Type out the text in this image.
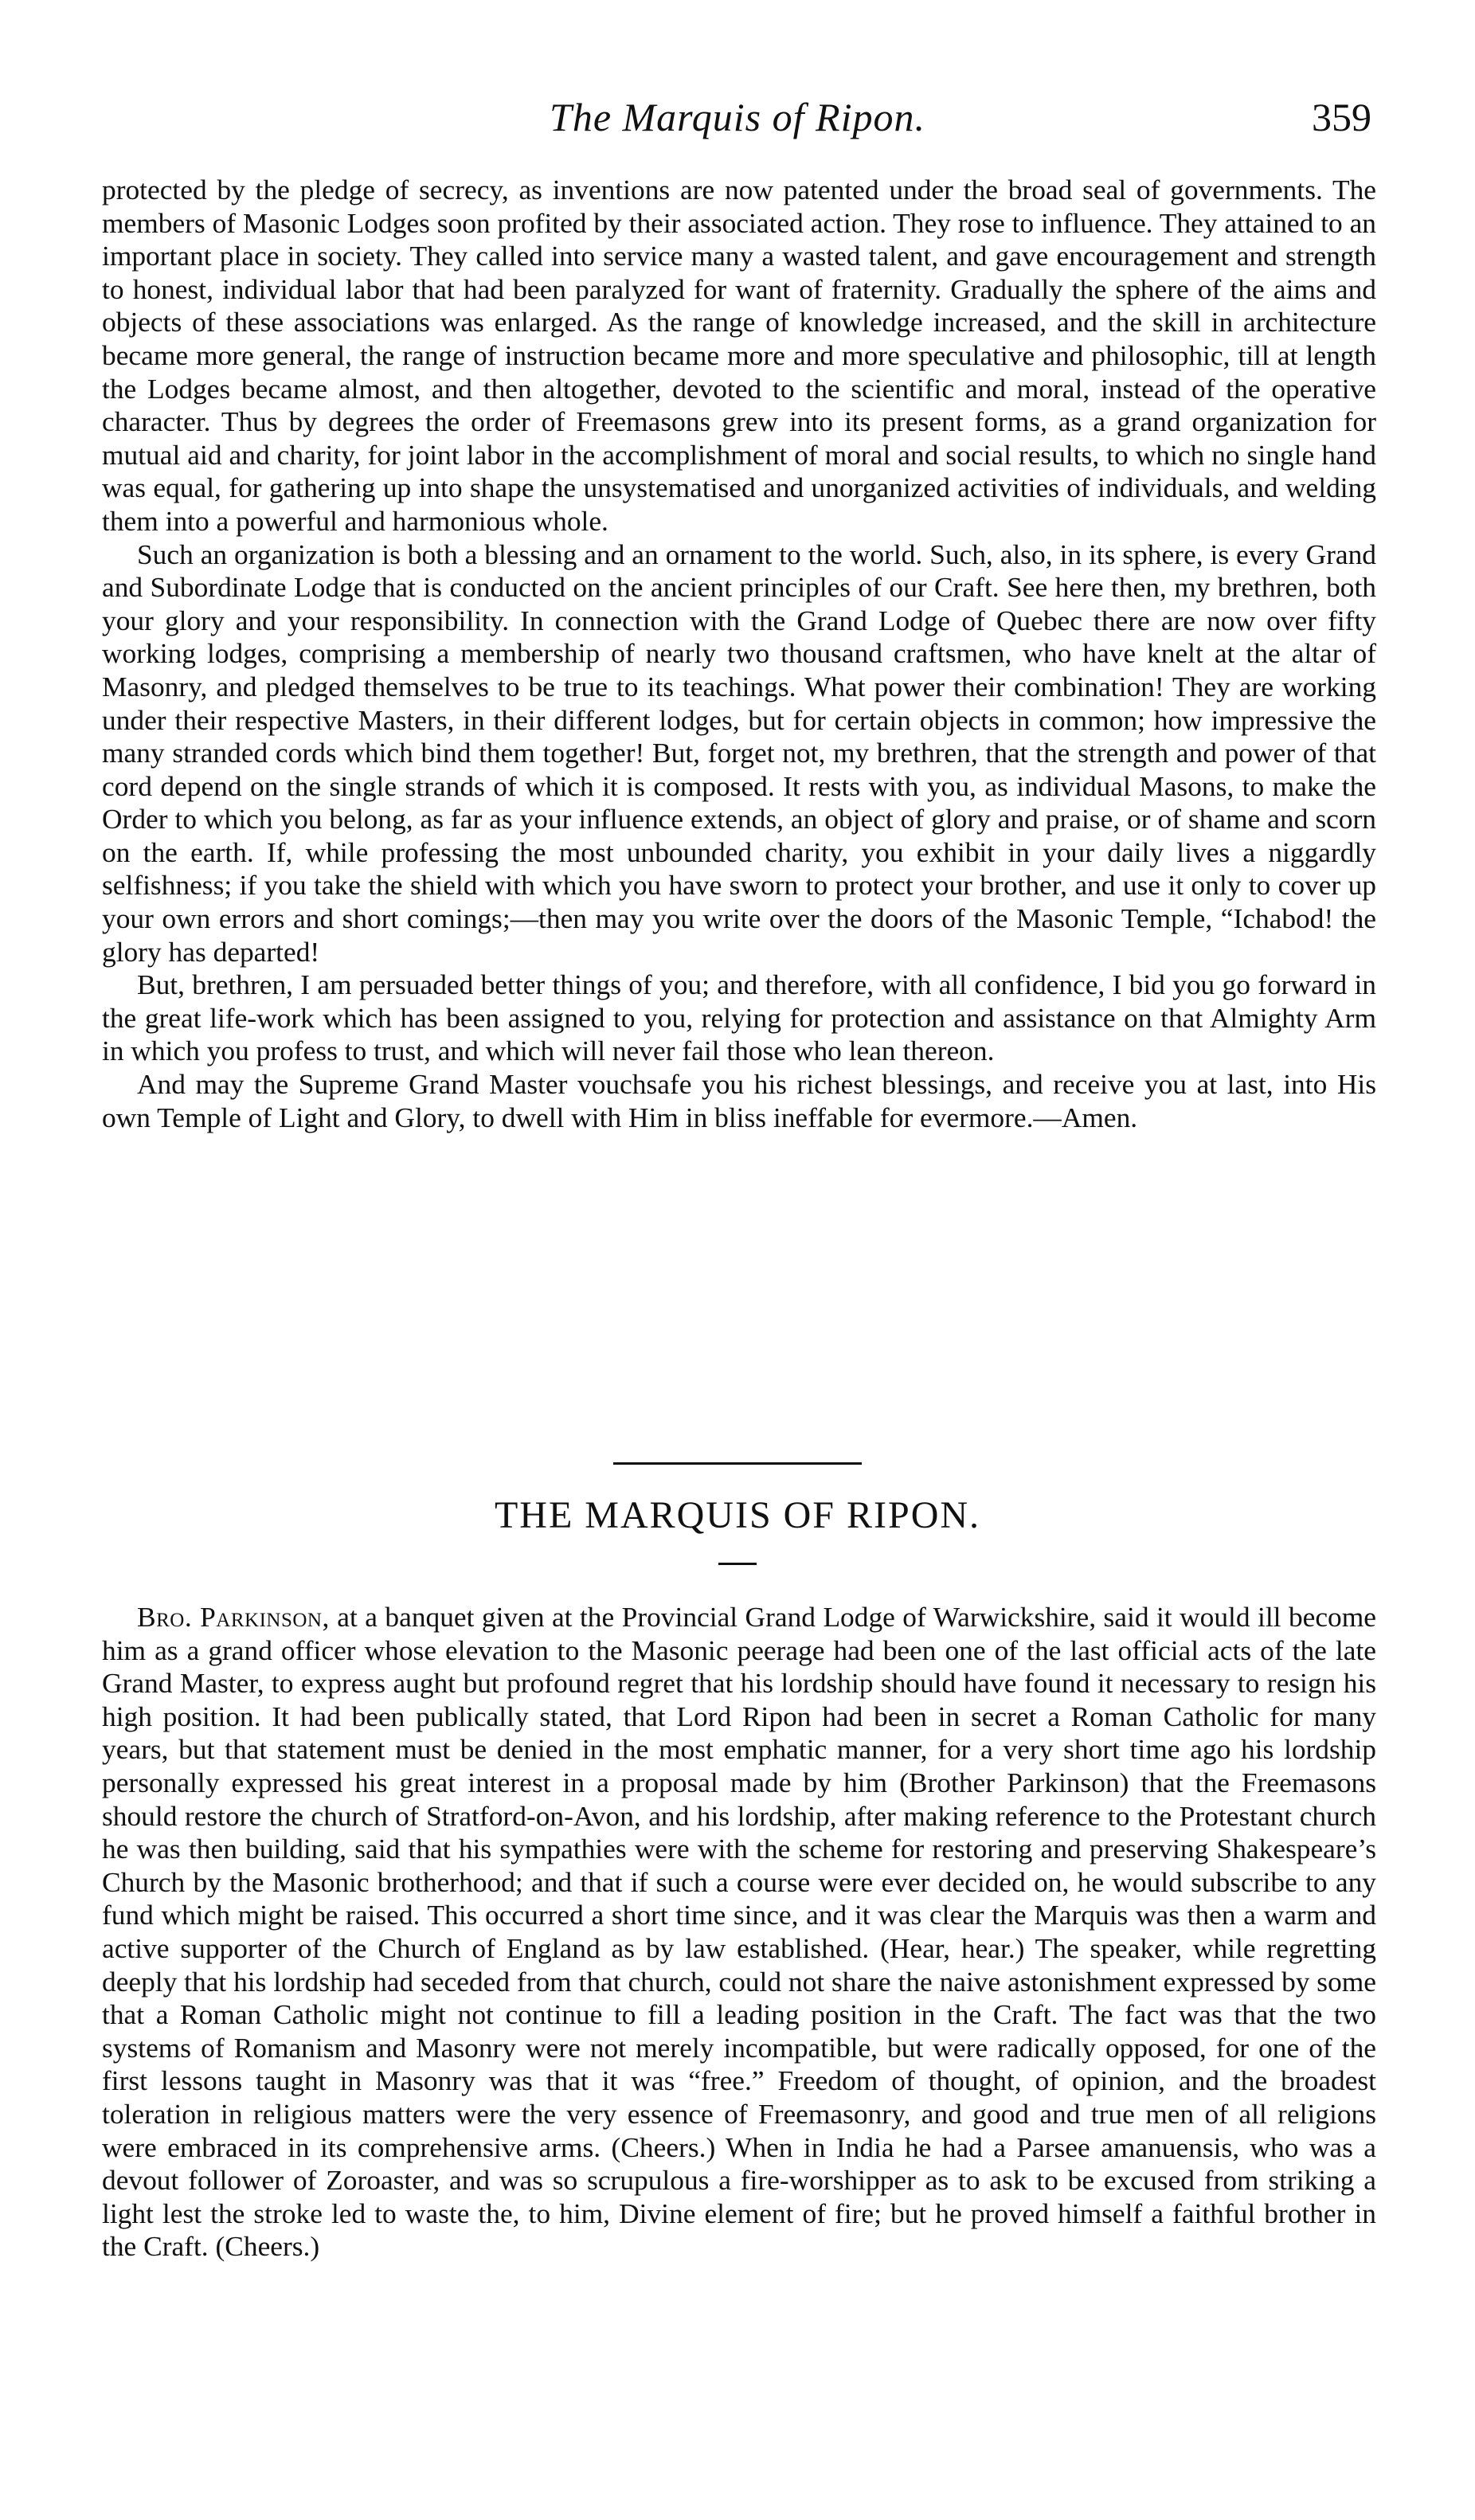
The Marquis of Ripon.	359

protected by the pledge of secrecy, as inventions are now patented under the broad seal of governments. The members of Masonic Lodges soon profited by their associated action. They rose to influence. They attained to an important place in society. They called into service many a wasted talent, and gave encouragement and strength to honest, individual labor that had been paralyzed for want of fraternity. Gradually the sphere of the aims and objects of these associations was enlarged. As the range of knowledge increased, and the skill in architecture became more general, the range of instruction became more and more speculative and philosophic, till at length the Lodges became almost, and then altogether, devoted to the scientific and moral, instead of the operative character. Thus by degrees the order of Freemasons grew into its present forms, as a grand organization for mutual aid and charity, for joint labor in the accomplishment of moral and social results, to which no single hand was equal, for gathering up into shape the unsystematised and unorganized activities of individuals, and welding them into a powerful and harmonious whole.

Such an organization is both a blessing and an ornament to the world. Such, also, in its sphere, is every Grand and Subordinate Lodge that is conducted on the ancient principles of our Craft. See here then, my brethren, both your glory and your responsibility. In connection with the Grand Lodge of Quebec there are now over fifty working lodges, comprising a membership of nearly two thousand craftsmen, who have knelt at the altar of Masonry, and pledged themselves to be true to its teachings. What power their combination! They are working under their respective Masters, in their different lodges, but for certain objects in common; how impressive the many stranded cords which bind them together! But, forget not, my brethren, that the strength and power of that cord depend on the single strands of which it is composed. It rests with you, as individual Masons, to make the Order to which you belong, as far as your influence extends, an object of glory and praise, or of shame and scorn on the earth. If, while professing the most unbounded charity, you exhibit in your daily lives a niggardly selfishness; if you take the shield with which you have sworn to protect your brother, and use it only to cover up your own errors and short comings;—then may you write over the doors of the Masonic Temple, “Ichabod! the glory has departed!

But, brethren, I am persuaded better things of you; and therefore, with all confidence, I bid you go forward in the great life-work which has been assigned to you, relying for protection and assistance on that Almighty Arm in which you profess to trust, and which will never fail those who lean thereon.

And may the Supreme Grand Master vouchsafe you his richest blessings, and receive you at last, into His own Temple of Light and Glory, to dwell with Him in bliss ineffable for evermore.—Amen.

THE MARQUIS OF RIPON.

Bro. Parkinson, at a banquet given at the Provincial Grand Lodge of Warwickshire, said it would ill become him as a grand officer whose elevation to the Masonic peerage had been one of the last official acts of the late Grand Master, to express aught but profound regret that his lordship should have found it necessary to resign his high position. It had been publically stated, that Lord Ripon had been in secret a Roman Catholic for many years, but that statement must be denied in the most emphatic manner, for a very short time ago his lordship personally expressed his great interest in a proposal made by him (Brother Parkinson) that the Freemasons should restore the church of Stratford-on-Avon, and his lordship, after making reference to the Protestant church he was then building, said that his sympathies were with the scheme for restoring and preserving Shakespeare’s Church by the Masonic brotherhood; and that if such a course were ever decided on, he would subscribe to any fund which might be raised. This occurred a short time since, and it was clear the Marquis was then a warm and active supporter of the Church of England as by law established. (Hear, hear.) The speaker, while regretting deeply that his lordship had seceded from that church, could not share the naive astonishment expressed by some that a Roman Catholic might not continue to fill a leading position in the Craft. The fact was that the two systems of Romanism and Masonry were not merely incompatible, but were radically opposed, for one of the first lessons taught in Masonry was that it was “free.” Freedom of thought, of opinion, and the broadest toleration in religious matters were the very essence of Freemasonry, and good and true men of all religions were embraced in its comprehensive arms. (Cheers.) When in India he had a Parsee amanuensis, who was a devout follower of Zoroaster, and was so scrupulous a fire-worshipper as to ask to be excused from striking a light lest the stroke led to waste the, to him, Divine element of fire; but he proved himself a faithful brother in the Craft. (Cheers.)
